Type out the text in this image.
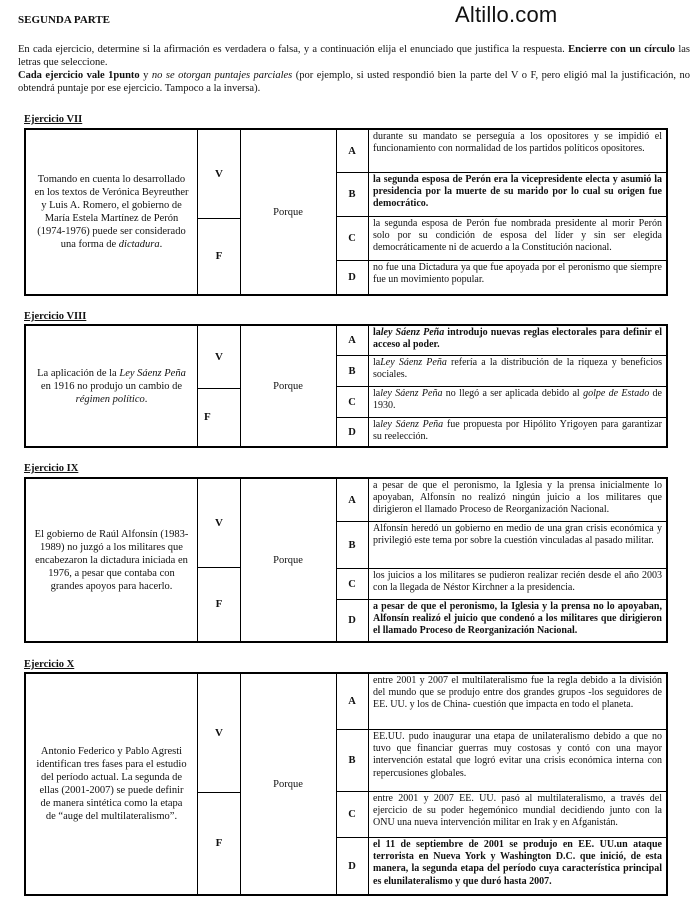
Altillo.com
SEGUNDA PARTE
En cada ejercicio, determine si la afirmación es verdadera o falsa, y a continuación elija el enunciado que justifica la respuesta. Encierre con un círculo las letras que seleccione.
Cada ejercicio vale 1punto y no se otorgan puntajes parciales (por ejemplo, si usted respondió bien la parte del V o F, pero eligió mal la justificación, no obtendrá puntaje por ese ejercicio. Tampoco a la inversa).
Ejercicio VII
Tomando en cuenta lo desarrollado en los textos de Verónica Beyreuther y Luis A. Romero, el gobierno de María Estela Martínez de Perón (1974-1976) puede ser considerado una forma de dictadura.
V
F
Porque
A
durante su mandato se perseguía a los opositores y se impidió el funcionamiento con normalidad de los partidos políticos opositores.
B
la segunda esposa de Perón era la vicepresidente electa y asumió la presidencia por la muerte de su marido por lo cual su origen fue democrático.
C
la segunda esposa de Perón fue nombrada presidente al morir Perón solo por su condición de esposa del líder y sin ser elegida democráticamente ni de acuerdo a la Constitución nacional.
D
no fue una Dictadura ya que fue apoyada por el peronismo que siempre fue un movimiento popular.
Ejercicio VIII
La aplicación de la Ley Sáenz Peña en 1916 no produjo un cambio de régimen político.
V
F
Porque
A
laley Sáenz Peña introdujo nuevas reglas electorales para definir el acceso al poder.
B
laLey Sáenz Peña refería a la distribución de la riqueza y beneficios sociales.
C
laley Sáenz Peña no llegó a ser aplicada debido al golpe de Estado de 1930.
D
laley Sáenz Peña fue propuesta por Hipólito Yrigoyen para garantizar su reelección.
Ejercicio IX
El gobierno de Raúl Alfonsín (1983-1989) no juzgó a los militares que encabezaron la dictadura iniciada en 1976, a pesar que contaba con grandes apoyos para hacerlo.
V
F
Porque
A
a pesar de que el peronismo, la Iglesia y la prensa inicialmente lo apoyaban, Alfonsín no realizó ningún juicio a los militares que dirigieron el llamado Proceso de Reorganización Nacional.
B
Alfonsín heredó un gobierno en medio de una gran crisis económica y privilegió este tema por sobre la cuestión vinculadas al pasado militar.
C
los juicios a los militares se pudieron realizar recién desde el año 2003 con la llegada de Néstor Kirchner a la presidencia.
D
a pesar de que el peronismo, la Iglesia y la prensa no lo apoyaban, Alfonsín realizó el juicio que condenó a los militares que dirigieron el llamado Proceso de Reorganización Nacional.
Ejercicio X
Antonio Federico y Pablo Agresti identifican tres fases para el estudio del período actual. La segunda de ellas (2001-2007) se puede definir de manera sintética como la etapa de “auge del multilateralismo”.
V
F
Porque
A
entre 2001 y 2007 el multilateralismo fue la regla debido a la división del mundo que se produjo entre dos grandes grupos -los seguidores de EE. UU. y los de China- cuestión que impacta en todo el planeta.
B
EE.UU. pudo inaugurar una etapa de unilateralismo debido a que no tuvo que financiar guerras muy costosas y contó con una mayor intervención estatal que logró evitar una crisis económica interna con repercusiones globales.
C
entre 2001 y 2007 EE. UU. pasó al multilateralismo, a través del ejercicio de su poder hegemónico mundial decidiendo junto con la ONU una nueva intervención militar en Irak y en Afganistán.
D
el 11 de septiembre de 2001 se produjo en EE. UU.un ataque terrorista en Nueva York y Washington D.C. que inició, de esta manera, la segunda etapa del período cuya característica principal es elunilateralismo y que duró hasta 2007.
